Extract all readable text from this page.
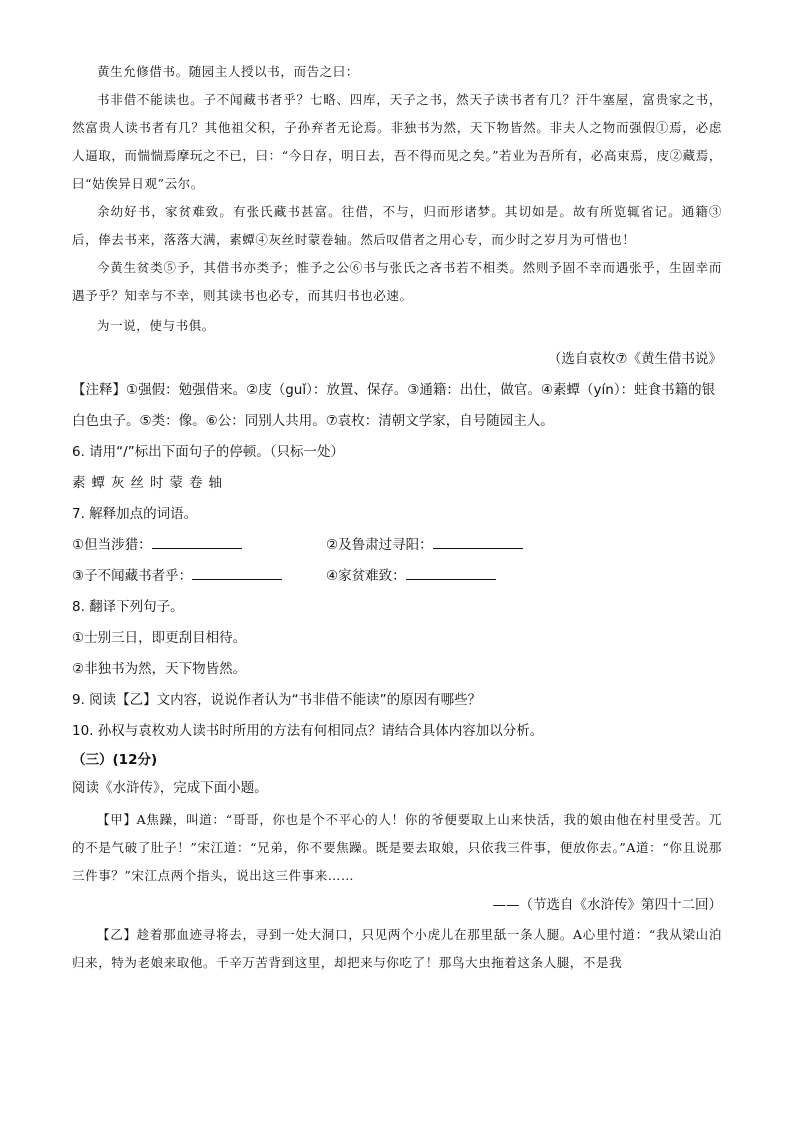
黄生允修借书。随园主人授以书，而告之曰：

书非借不能读也。子不闻藏书者乎？七略、四库，天子之书，然天子读书者有几？汗牛塞屋，富贵家之书，然富贵人读书者有几？其他祖父积，子孙弃者无论焉。非独书为然，天下物皆然。非夫人之物而强假①焉，必虑人逼取，而惴惴焉摩玩之不已，曰：“今日存，明日去，吾不得而见之矣。”若业为吾所有，必高束焉，庋②藏焉，曰“姑俟异日观”云尔。

余幼好书，家贫难致。有张氏藏书甚富。往借，不与，归而形诸梦。其切如是。故有所览辄省记。通籍③后，俸去书来，落落大满，素蟫④灰丝时蒙卷轴。然后叹借者之用心专，而少时之岁月为可惜也！

今黄生贫类⑤予，其借书亦类予；惟予之公⑥书与张氏之吝书若不相类。然则予固不幸而遇张乎，生固幸而遇予乎？知幸与不幸，则其读书也必专，而其归书也必速。

为一说，使与书俱。

（选自袁枚⑦《黄生借书说》

【注释】①强假：勉强借来。②庋（guǐ）：放置、保存。③通籍：出仕，做官。④素蟫（yín）：蛀食书籍的银白色虫子。⑤类：像。⑥公：同别人共用。⑦袁枚：清朝文学家，自号随园主人。

6. 请用“/”标出下面句子的停顿。（只标一处）

素蟫灰丝时蒙卷轴

7. 解释加点的词语。

①但当涉猎：	②及鲁肃过寻阳：
③子不闻藏书者乎：	④家贫难致：

8. 翻译下列句子。

①士别三日，即更刮目相待。

②非独书为然，天下物皆然。

9. 阅读【乙】文内容，说说作者认为“书非借不能读”的原因有哪些？

10. 孙权与袁枚劝人读书时所用的方法有何相同点？请结合具体内容加以分析。

（三）(12分)

阅读《水浒传》，完成下面小题。

【甲】A焦躁，叫道：“哥哥，你也是个不平心的人！你的爷便要取上山来快活，我的娘由他在村里受苦。兀的不是气破了肚子！”宋江道：“兄弟，你不要焦躁。既是要去取娘，只依我三件事，便放你去。”A道：“你且说那三件事？”宋江点两个指头，说出这三件事来……

——（节选自《水浒传》第四十二回）

【乙】趁着那血迹寻将去，寻到一处大洞口，只见两个小虎儿在那里舐一条人腿。A心里忖道：“我从梁山泊归来，特为老娘来取他。千辛万苦背到这里，却把来与你吃了！那鸟大虫拖着这条人腿，不是我
